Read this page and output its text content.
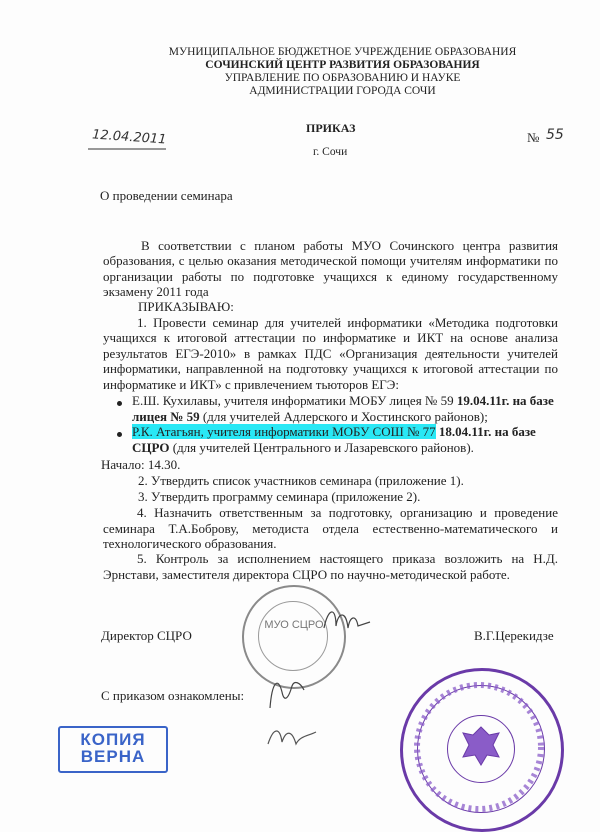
МУНИЦИПАЛЬНОЕ БЮДЖЕТНОЕ УЧРЕЖДЕНИЕ ОБРАЗОВАНИЯ
СОЧИНСКИЙ ЦЕНТР РАЗВИТИЯ ОБРАЗОВАНИЯ
УПРАВЛЕНИЕ ПО ОБРАЗОВАНИЮ И НАУКЕ
АДМИНИСТРАЦИИ ГОРОДА СОЧИ
ПРИКАЗ
12.04.2011	№ 55
г. Сочи
О проведении семинара
В соответствии с планом работы МУО Сочинского центра развития образования, с целью оказания методической помощи учителям информатики по организации работы по подготовке учащихся к единому государственному экзамену 2011 года
ПРИКАЗЫВАЮ:
1. Провести семинар для учителей информатики «Методика подготовки учащихся к итоговой аттестации по информатике и ИКТ на основе анализа результатов ЕГЭ-2010» в рамках ПДС «Организация деятельности учителей информатики, направленной на подготовку учащихся к итоговой аттестации по информатике и ИКТ» с привлечением тьюторов ЕГЭ:
Е.Ш. Кухилавы, учителя информатики МОБУ лицея № 59 19.04.11г. на базе лицея № 59 (для учителей Адлерского и Хостинского районов);
Р.К. Атагьян, учителя информатики МОБУ СОШ № 77 18.04.11г. на базе СЦРО (для учителей Центрального и Лазаревского районов).
Начало: 14.30.
2. Утвердить список участников семинара (приложение 1).
3. Утвердить программу семинара (приложение 2).
4. Назначить ответственным за подготовку, организацию и проведение семинара Т.А.Боброву, методиста отдела естественно-математического и технологического образования.
5. Контроль за исполнением настоящего приказа возложить на Н.Д. Эрнстави, заместителя директора СЦРО по научно-методической работе.
МУО СЦРО
Директор СЦРО	В.Г.Церекидзе
С приказом ознакомлены:
КОПИЯ ВЕРНА
